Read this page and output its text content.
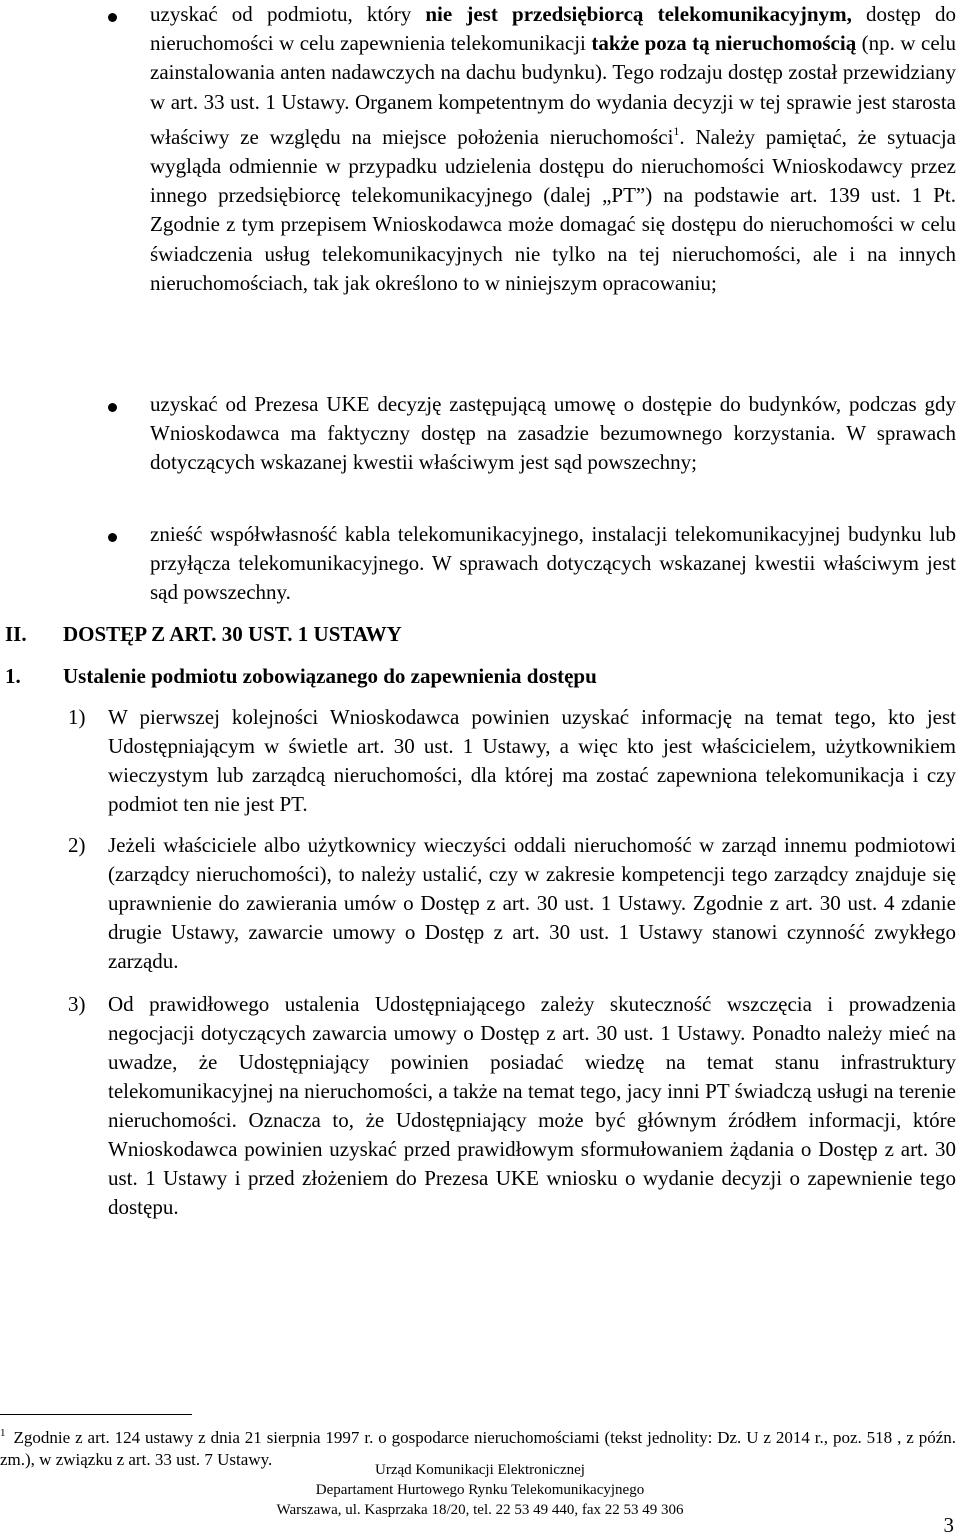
uzyskać od podmiotu, który nie jest przedsiębiorcą telekomunikacyjnym, dostęp do nieruchomości w celu zapewnienia telekomunikacji także poza tą nieruchomością (np. w celu zainstalowania anten nadawczych na dachu budynku). Tego rodzaju dostęp został przewidziany w art. 33 ust. 1 Ustawy. Organem kompetentnym do wydania decyzji w tej sprawie jest starosta właściwy ze względu na miejsce położenia nieruchomości$^1$. Należy pamiętać, że sytuacja wygląda odmiennie w przypadku udzielenia dostępu do nieruchomości Wnioskodawcy przez innego przedsiębiorcę telekomunikacyjnego (dalej „PT”) na podstawie art. 139 ust. 1 Pt. Zgodnie z tym przepisem Wnioskodawca może domagać się dostępu do nieruchomości w celu świadczenia usług telekomunikacyjnych nie tylko na tej nieruchomości, ale i na innych nieruchomościach, tak jak określono to w niniejszym opracowaniu;

uzyskać od Prezesa UKE decyzję zastępującą umowę o dostępie do budynków, podczas gdy Wnioskodawca ma faktyczny dostęp na zasadzie bezumownego korzystania. W sprawach dotyczących wskazanej kwestii właściwym jest sąd powszechny;

znieść współwłasność kabla telekomunikacyjnego, instalacji telekomunikacyjnej budynku lub przyłącza telekomunikacyjnego. W sprawach dotyczących wskazanej kwestii właściwym jest sąd powszechny.

II. DOSTĘP Z ART. 30 UST. 1 USTAWY
1. Ustalenie podmiotu zobowiązanego do zapewnienia dostępu
1) W pierwszej kolejności Wnioskodawca powinien uzyskać informację na temat tego, kto jest Udostępniającym w świetle art. 30 ust. 1 Ustawy, a więc kto jest właścicielem, użytkownikiem wieczystym lub zarządcą nieruchomości, dla której ma zostać zapewniona telekomunikacja i czy podmiot ten nie jest PT.

2) Jeżeli właściciele albo użytkownicy wieczyści oddali nieruchomość w zarząd innemu podmiotowi (zarządcy nieruchomości), to należy ustalić, czy w zakresie kompetencji tego zarządcy znajduje się uprawnienie do zawierania umów o Dostęp z art. 30 ust. 1 Ustawy. Zgodnie z art. 30 ust. 4 zdanie drugie Ustawy, zawarcie umowy o Dostęp z art. 30 ust. 1 Ustawy stanowi czynność zwykłego zarządu.

3) Od prawidłowego ustalenia Udostępniającego zależy skuteczność wszczęcia i prowadzenia negocjacji dotyczących zawarcia umowy o Dostęp z art. 30 ust. 1 Ustawy. Ponadto należy mieć na uwadze, że Udostępniający powinien posiadać wiedzę na temat stanu infrastruktury telekomunikacyjnej na nieruchomości, a także na temat tego, jacy inni PT świadczą usługi na terenie nieruchomości. Oznacza to, że Udostępniający może być głównym źródłem informacji, które Wnioskodawca powinien uzyskać przed prawidłowym sformułowaniem żądania o Dostęp z art. 30 ust. 1 Ustawy i przed złożeniem do Prezesa UKE wniosku o wydanie decyzji o zapewnienie tego dostępu.

$^1$ Zgodnie z art. 124 ustawy z dnia 21 sierpnia 1997 r. o gospodarce nieruchomościami (tekst jednolity: Dz. U z 2014 r., poz. 518 , z późn. zm.), w związku z art. 33 ust. 7 Ustawy.

Urząd Komunikacji Elektronicznej
Departament Hurtowego Rynku Telekomunikacyjnego
Warszawa, ul. Kasprzaka 18/20, tel. 22 53 49 440, fax 22 53 49 306
3
